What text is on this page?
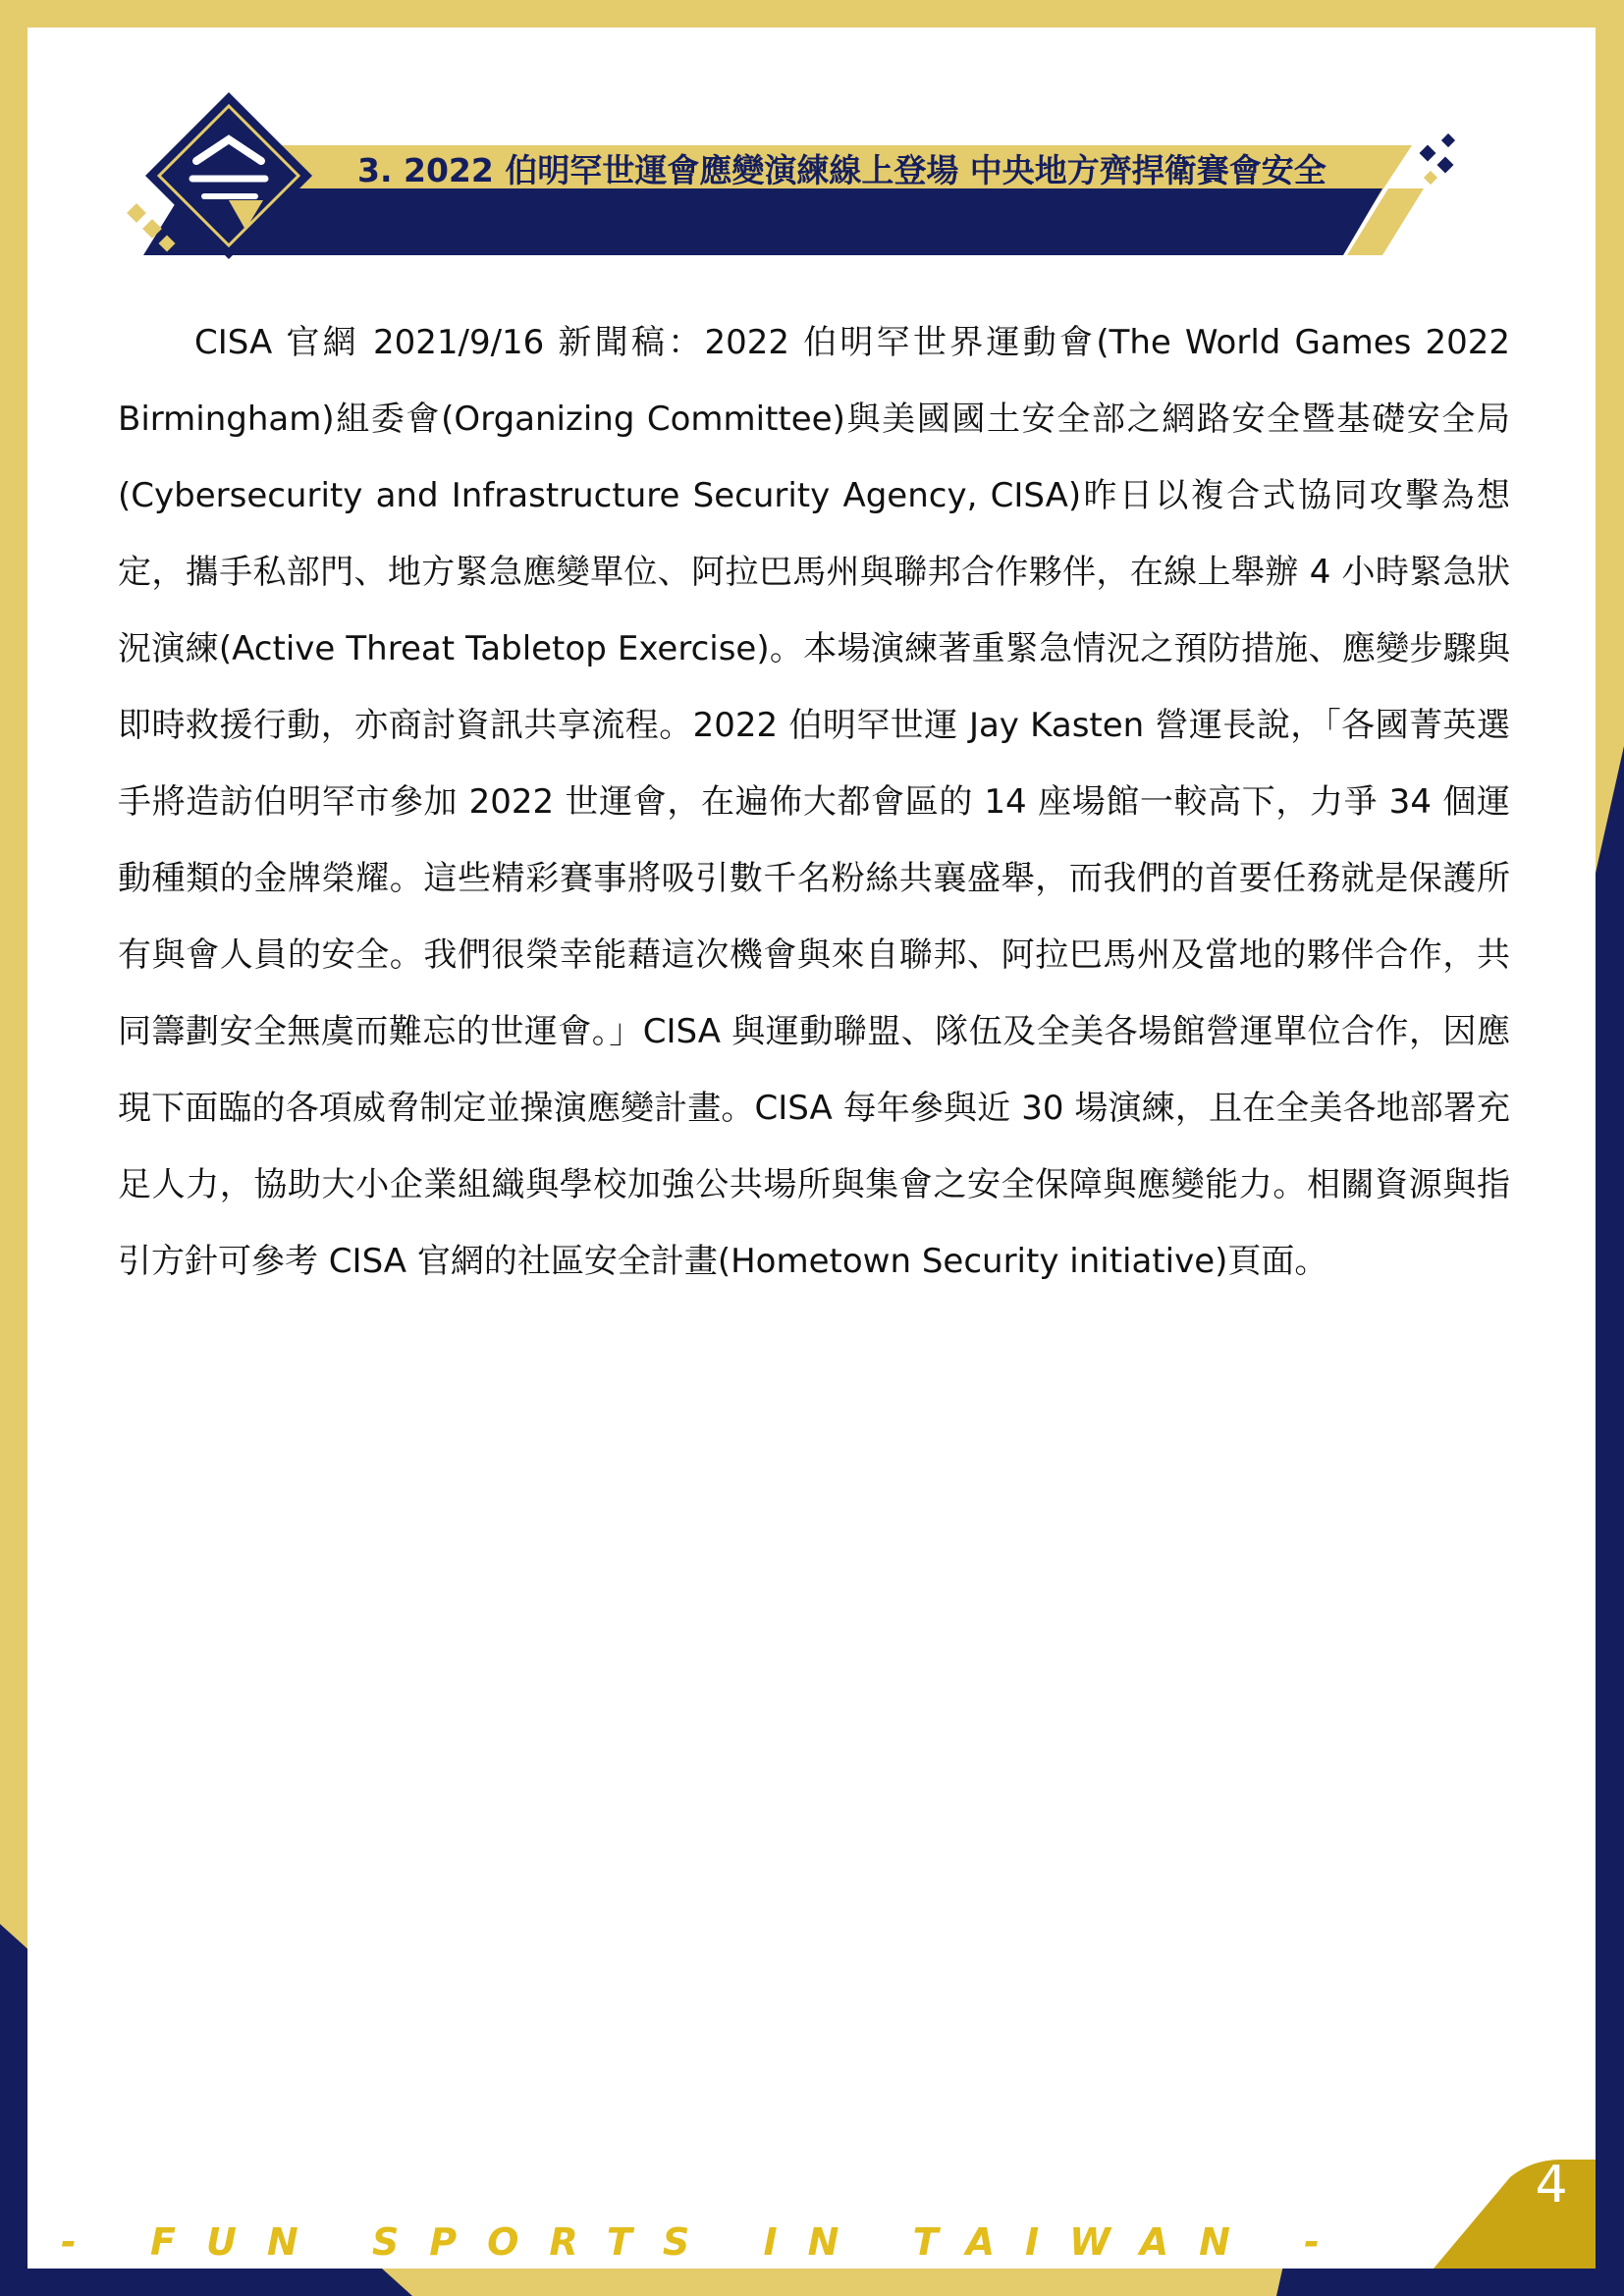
3. 2022 伯明罕世運會應變演練線上登場 中央地方齊捍衛賽會安全

CISA 官網 2021/9/16 新聞稿：2022 伯明罕世界運動會(The World Games 2022 Birmingham)組委會(Organizing Committee)與美國國土安全部之網路安全暨基礎安全局(Cybersecurity and Infrastructure Security Agency, CISA)昨日以複合式協同攻擊為想定，攜手私部門、地方緊急應變單位、阿拉巴馬州與聯邦合作夥伴，在線上舉辦 4 小時緊急狀況演練(Active Threat Tabletop Exercise)。本場演練著重緊急情況之預防措施、應變步驟與即時救援行動，亦商討資訊共享流程。2022 伯明罕世運 Jay Kasten 營運長說，「各國菁英選手將造訪伯明罕市參加 2022 世運會，在遍佈大都會區的 14 座場館一較高下，力爭 34 個運動種類的金牌榮耀。這些精彩賽事將吸引數千名粉絲共襄盛舉，而我們的首要任務就是保護所有與會人員的安全。我們很榮幸能藉這次機會與來自聯邦、阿拉巴馬州及當地的夥伴合作，共同籌劃安全無虞而難忘的世運會。」CISA 與運動聯盟、隊伍及全美各場館營運單位合作，因應現下面臨的各項威脅制定並操演應變計畫。CISA 每年參與近 30 場演練，且在全美各地部署充足人力，協助大小企業組織與學校加強公共場所與集會之安全保障與應變能力。相關資源與指引方針可參考 CISA 官網的社區安全計畫(Hometown Security initiative)頁面。

- FUN SPORTS IN TAIWAN -
4
